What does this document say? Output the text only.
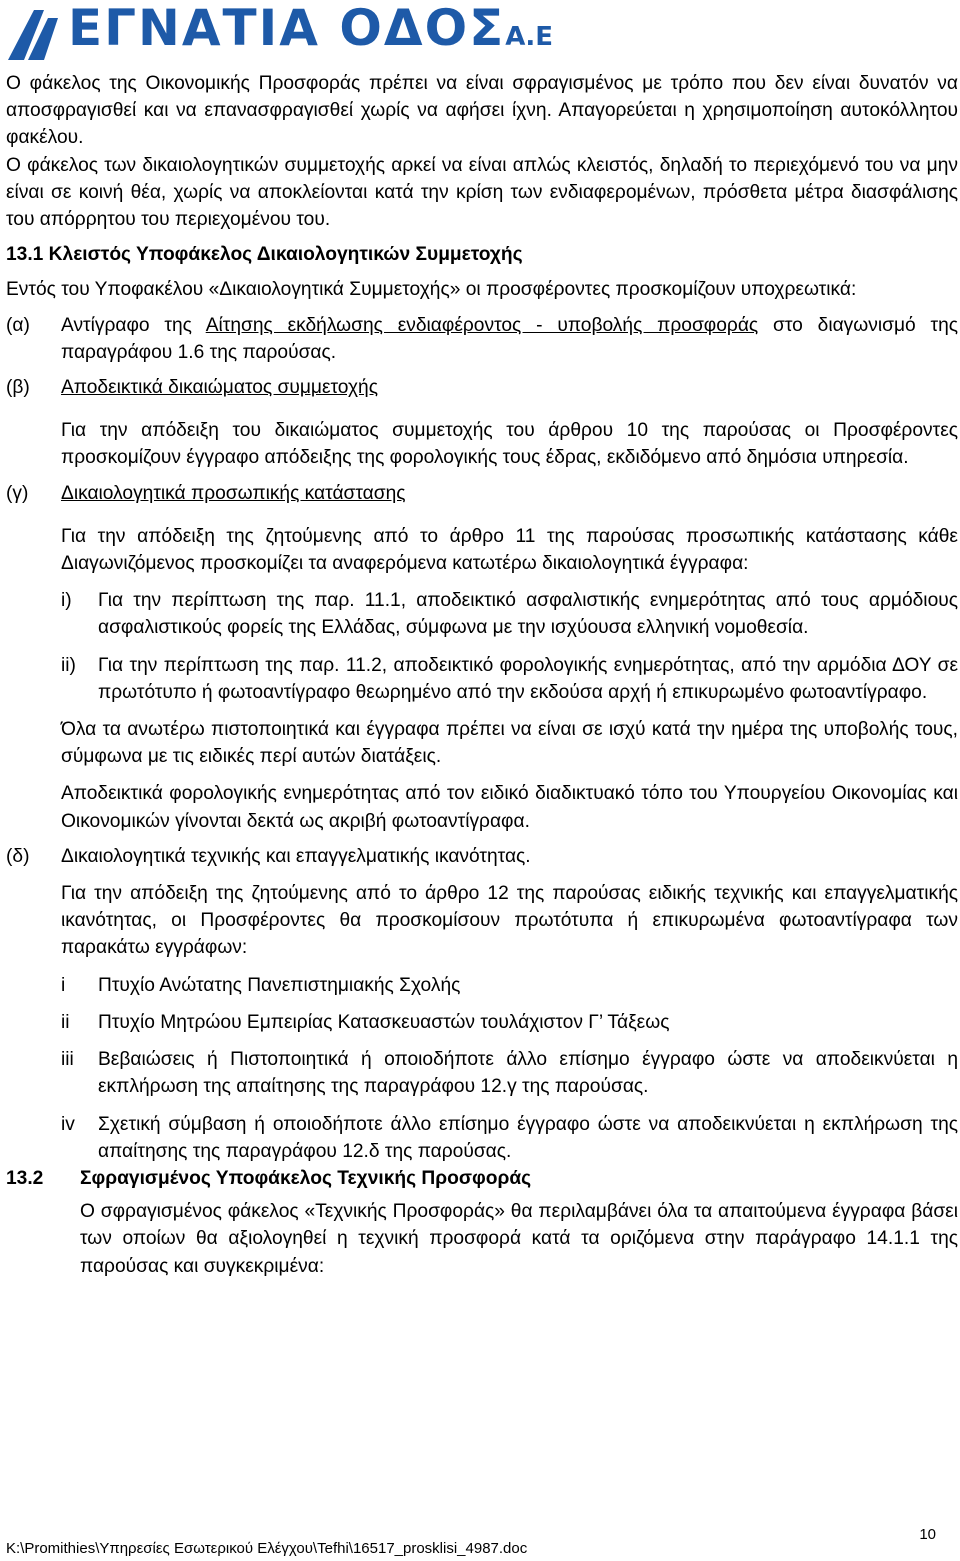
ΕΓΝΑΤΙΑ ΟΔΟΣΑ.Ε

Ο φάκελος της Οικονομικής Προσφοράς πρέπει να είναι σφραγισμένος με τρόπο που δεν είναι δυνατόν να αποσφραγισθεί και να επανασφραγισθεί χωρίς να αφήσει ίχνη. Απαγορεύεται η χρησιμοποίηση αυτοκόλλητου φακέλου.

Ο φάκελος των δικαιολογητικών συμμετοχής αρκεί να είναι απλώς κλειστός, δηλαδή το περιεχόμενό του να μην είναι σε κοινή θέα, χωρίς να αποκλείονται κατά την κρίση των ενδιαφερομένων, πρόσθετα μέτρα διασφάλισης του απόρρητου του περιεχομένου του.

13.1 Κλειστός Υποφάκελος Δικαιολογητικών Συμμετοχής

Εντός του Υποφακέλου «Δικαιολογητικά Συμμετοχής» οι προσφέροντες προσκομίζουν υποχρεωτικά:

(α)	Αντίγραφο της Αίτησης εκδήλωσης ενδιαφέροντος - υποβολής προσφοράς στο διαγωνισμό της παραγράφου 1.6 της παρούσας.

(β)	Αποδεικτικά δικαιώματος συμμετοχής

Για την απόδειξη του δικαιώματος συμμετοχής του άρθρου 10 της παρούσας οι Προσφέροντες προσκομίζουν έγγραφο απόδειξης της φορολογικής τους έδρας, εκδιδόμενο από δημόσια υπηρεσία.

(γ)	Δικαιολογητικά προσωπικής κατάστασης

Για την απόδειξη της ζητούμενης από το άρθρο 11 της παρούσας προσωπικής κατάστασης κάθε Διαγωνιζόμενος προσκομίζει τα αναφερόμενα κατωτέρω δικαιολογητικά έγγραφα:

i)	Για την περίπτωση της παρ. 11.1, αποδεικτικό ασφαλιστικής ενημερότητας από τους αρμόδιους ασφαλιστικούς φορείς της Ελλάδας, σύμφωνα με την ισχύουσα ελληνική νομοθεσία.

ii)	Για την περίπτωση της παρ. 11.2, αποδεικτικό φορολογικής ενημερότητας, από την αρμόδια ΔΟΥ σε πρωτότυπο ή φωτοαντίγραφο θεωρημένο από την εκδούσα αρχή ή επικυρωμένο φωτοαντίγραφο.

Όλα τα ανωτέρω πιστοποιητικά και έγγραφα πρέπει να είναι σε ισχύ κατά την ημέρα της υποβολής τους, σύμφωνα με τις ειδικές περί αυτών διατάξεις.

Αποδεικτικά φορολογικής ενημερότητας από τον ειδικό διαδικτυακό τόπο του Υπουργείου Οικονομίας και Οικονομικών γίνονται δεκτά ως ακριβή φωτοαντίγραφα.

(δ)	Δικαιολογητικά τεχνικής και επαγγελματικής ικανότητας.

Για την απόδειξη της ζητούμενης από το άρθρο 12 της παρούσας ειδικής τεχνικής και επαγγελματικής ικανότητας, οι Προσφέροντες θα προσκομίσουν πρωτότυπα ή επικυρωμένα φωτοαντίγραφα των παρακάτω εγγράφων:

i	Πτυχίο Ανώτατης Πανεπιστημιακής Σχολής

ii	Πτυχίο Μητρώου Εμπειρίας Κατασκευαστών τουλάχιστον Γ’ Τάξεως

iii	Βεβαιώσεις ή Πιστοποιητικά ή οποιοδήποτε άλλο επίσημο έγγραφο ώστε να αποδεικνύεται η εκπλήρωση της απαίτησης της παραγράφου 12.γ της παρούσας.

iv	Σχετική σύμβαση ή οποιοδήποτε άλλο επίσημο έγγραφο ώστε να αποδεικνύεται η εκπλήρωση της απαίτησης της παραγράφου 12.δ της παρούσας.

13.2	Σφραγισμένος Υποφάκελος Τεχνικής Προσφοράς

Ο σφραγισμένος φάκελος «Τεχνικής Προσφοράς» θα περιλαμβάνει όλα τα απαιτούμενα έγγραφα βάσει των οποίων θα αξιολογηθεί η τεχνική προσφορά κατά τα οριζόμενα στην παράγραφο 14.1.1 της παρούσας και συγκεκριμένα:

K:\Promithies\Υπηρεσίες Εσωτερικού Ελέγχου\Tefhi\16517_prosklisi_4987.doc
10
